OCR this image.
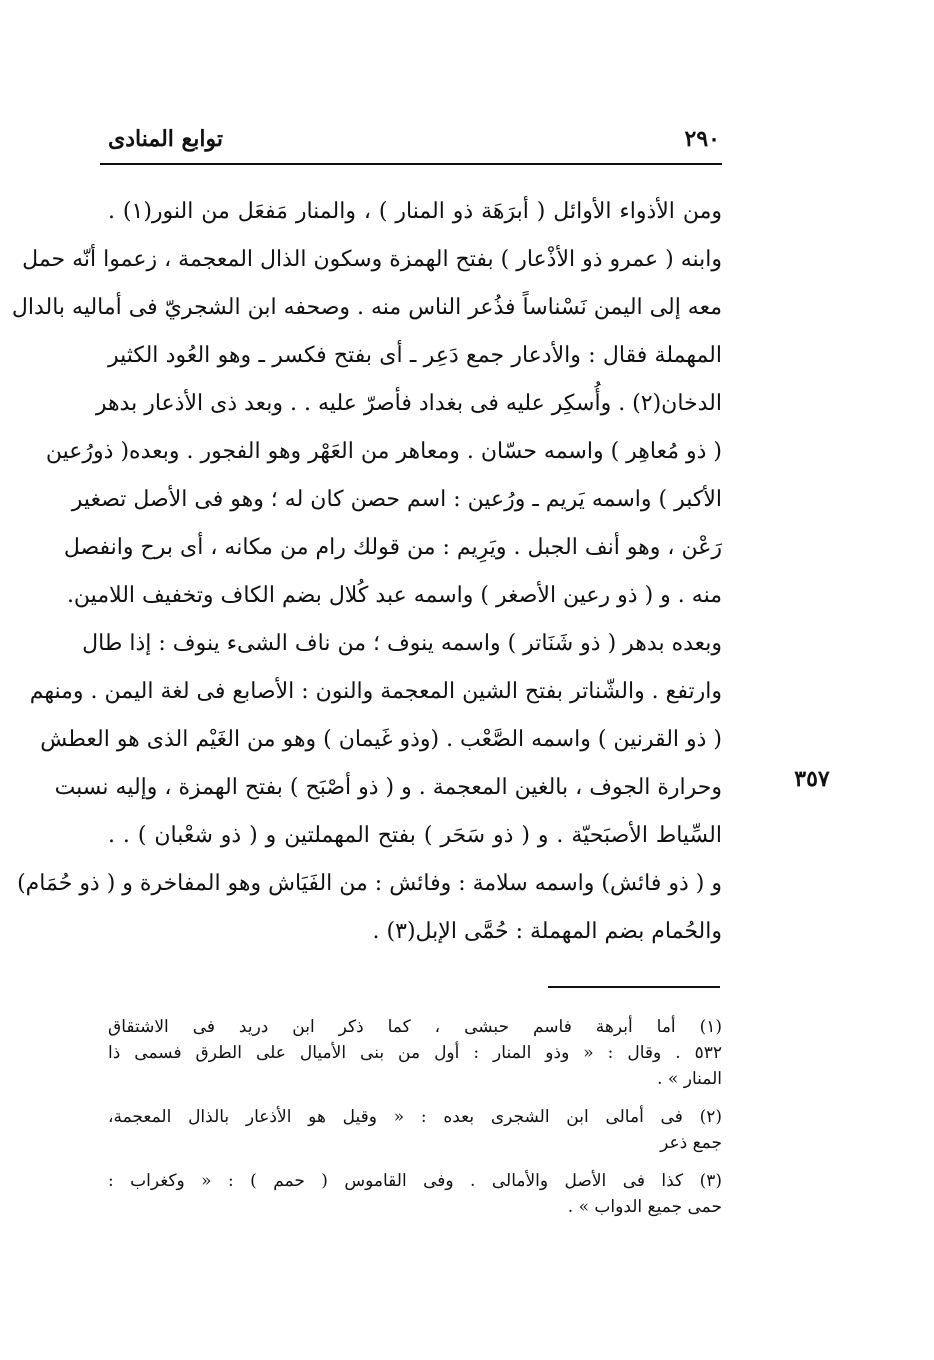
٢٩٠
توابع المنادى
ومن الأذواء الأوائل ( أبرَهَة ذو المنار ) ، والمنار مَفعَل من النور(١) .
وابنه ( عمرو ذو الأذْعار ) بفتح الهمزة وسكون الذال المعجمة ، زعموا أنّه حمل
معه إلى اليمن نَسْناساً فذُعر الناس منه . وصحفه ابن الشجريّ فى أماليه بالدال
المهملة فقال : والأدعار جمع دَعِر ـ أى بفتح فكسر ـ وهو العُود الكثير
الدخان(٢) . وأُسكِر عليه فى بغداد فأصرّ عليه . . وبعد ذى الأذعار بدهر
( ذو مُعاهِر ) واسمه حسّان . ومعاهر من العَهْر وهو الفجور . وبعده( ذورُعين
الأكبر ) واسمه يَريم ـ ورُعين : اسم حصن كان له ؛ وهو فى الأصل تصغير
رَعْن ، وهو أنف الجبل . ويَرِيم : من قولك رام من مكانه ، أى برح وانفصل
منه . و ( ذو رعين الأصغر ) واسمه عبد كُلال بضم الكاف وتخفيف اللامين.
وبعده بدهر ( ذو شَنَاتر ) واسمه ينوف ؛ من ناف الشىء ينوف : إذا طال
وارتفع . والشّناتر بفتح الشين المعجمة والنون : الأصابع فى لغة اليمن . ومنهم
( ذو القرنين ) واسمه الصَّعْب . (وذو غَيمان ) وهو من الغَيْم الذى هو العطش
وحرارة الجوف ، بالغين المعجمة . و ( ذو أصْبَح ) بفتح الهمزة ، وإليه نسبت
السِّياط الأصبَحيّة . و ( ذو سَحَر ) بفتح المهملتين و ( ذو شعْبان ) . .
و ( ذو فائش) واسمه سلامة : وفائش : من الفَيَاش وهو المفاخرة و ( ذو حُمَام)
والحُمام بضم المهملة : حُمَّى الإبل(٣) .
٣٥٧
(١) أما أبرهة فاسم حبشى ، كما ذكر ابن دريد فى الاشتقاق
٥٣٢ . وقال : « وذو المنار : أول من بنى الأميال على الطرق فسمى ذا
المنار » .
(٢) فى أمالى ابن الشجرى بعده : « وقيل هو الأذعار بالذال المعجمة،
جمع ذعر
(٣) كذا فى الأصل والأمالى . وفى القاموس ( حمم ) : « وكغراب :
حمى جميع الدواب » .
